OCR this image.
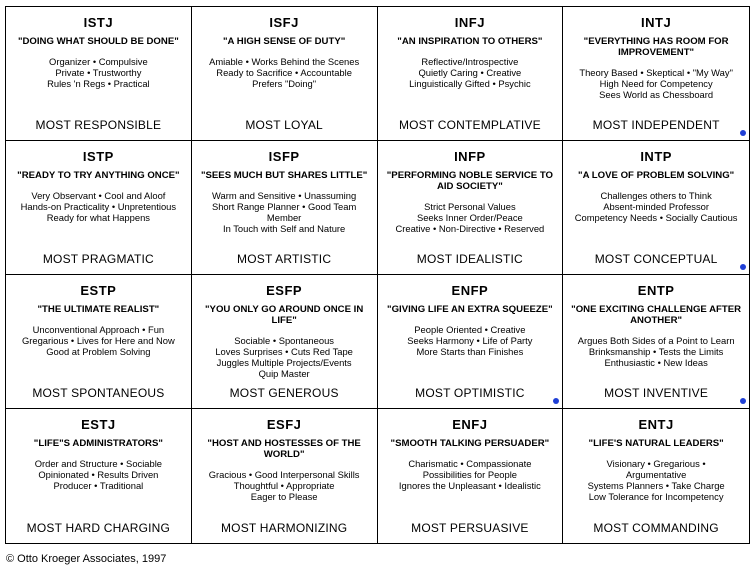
ISTJ
"DOING WHAT SHOULD BE DONE"
Organizer • Compulsive
Private • Trustworthy
Rules 'n Regs • Practical
MOST RESPONSIBLE
ISFJ
"A HIGH SENSE OF DUTY"
Amiable • Works Behind the Scenes
Ready to Sacrifice • Accountable
Prefers "Doing"
MOST LOYAL
INFJ
"AN INSPIRATION TO OTHERS"
Reflective/Introspective
Quietly Caring • Creative
Linguistically Gifted • Psychic
MOST CONTEMPLATIVE
INTJ
"EVERYTHING HAS ROOM FOR IMPROVEMENT"
Theory Based • Skeptical • "My Way"
High Need for Competency
Sees World as Chessboard
MOST INDEPENDENT
ISTP
"READY TO TRY ANYTHING ONCE"
Very Observant • Cool and Aloof
Hands-on Practicality • Unpretentious
Ready for what Happens
MOST PRAGMATIC
ISFP
"SEES MUCH BUT SHARES LITTLE"
Warm and Sensitive • Unassuming
Short Range Planner • Good Team
Member
In Touch with Self and Nature
MOST ARTISTIC
INFP
"PERFORMING NOBLE SERVICE TO AID SOCIETY"
Strict Personal Values
Seeks Inner Order/Peace
Creative • Non-Directive • Reserved
MOST IDEALISTIC
INTP
"A LOVE OF PROBLEM SOLVING"
Challenges others to Think
Absent-minded Professor
Competency Needs • Socially Cautious
MOST CONCEPTUAL
ESTP
"THE ULTIMATE REALIST"
Unconventional Approach • Fun
Gregarious • Lives for Here and Now
Good at Problem Solving
MOST SPONTANEOUS
ESFP
"YOU ONLY GO AROUND ONCE IN LIFE"
Sociable • Spontaneous
Loves Surprises • Cuts Red Tape
Juggles Multiple Projects/Events
Quip Master
MOST GENEROUS
ENFP
"GIVING LIFE AN EXTRA SQUEEZE"
People Oriented • Creative
Seeks Harmony • Life of Party
More Starts than Finishes
MOST OPTIMISTIC
ENTP
"ONE EXCITING CHALLENGE AFTER ANOTHER"
Argues Both Sides of a Point to Learn
Brinksmanship • Tests the Limits
Enthusiastic • New Ideas
MOST INVENTIVE
ESTJ
"LIFE"S ADMINISTRATORS"
Order and Structure • Sociable
Opinionated • Results Driven
Producer • Traditional
MOST HARD CHARGING
ESFJ
"HOST AND HOSTESSES OF THE WORLD"
Gracious • Good Interpersonal Skills
Thoughtful • Appropriate
Eager to Please
MOST HARMONIZING
ENFJ
"SMOOTH TALKING PERSUADER"
Charismatic • Compassionate
Possibilities for People
Ignores the Unpleasant • Idealistic
MOST PERSUASIVE
ENTJ
"LIFE'S NATURAL LEADERS"
Visionary • Gregarious •
Argumentative
Systems Planners • Take Charge
Low Tolerance for Incompetency
MOST COMMANDING
© Otto Kroeger Associates, 1997
